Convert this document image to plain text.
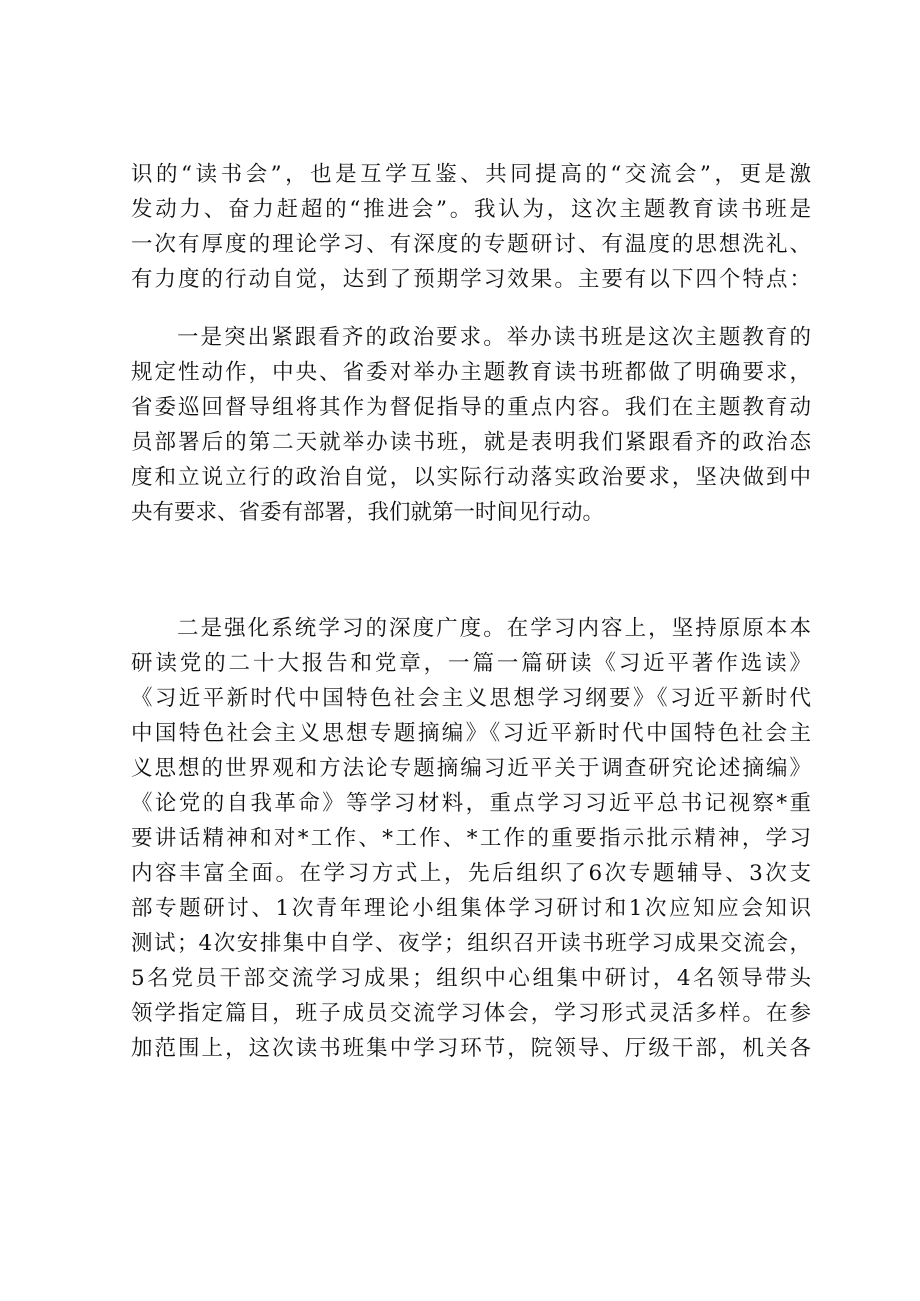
识的“读书会”，也是互学互鉴、共同提高的“交流会”，更是激
发动力、奋力赶超的“推进会”。我认为，这次主题教育读书班是
一次有厚度的理论学习、有深度的专题研讨、有温度的思想洗礼、
有力度的行动自觉，达到了预期学习效果。主要有以下四个特点：
一是突出紧跟看齐的政治要求。举办读书班是这次主题教育的
规定性动作，中央、省委对举办主题教育读书班都做了明确要求，
省委巡回督导组将其作为督促指导的重点内容。我们在主题教育动
员部署后的第二天就举办读书班，就是表明我们紧跟看齐的政治态
度和立说立行的政治自觉，以实际行动落实政治要求，坚决做到中
央有要求、省委有部署，我们就第一时间见行动。
二是强化系统学习的深度广度。在学习内容上，坚持原原本本
研读党的二十大报告和党章，一篇一篇研读《习近平著作选读》
《习近平新时代中国特色社会主义思想学习纲要》《习近平新时代
中国特色社会主义思想专题摘编》《习近平新时代中国特色社会主
义思想的世界观和方法论专题摘编习近平关于调查研究论述摘编》
《论党的自我革命》等学习材料，重点学习习近平总书记视察*重
要讲话精神和对*工作、*工作、*工作的重要指示批示精神，学习
内容丰富全面。在学习方式上，先后组织了6次专题辅导、3次支
部专题研讨、1次青年理论小组集体学习研讨和1次应知应会知识
测试；4次安排集中自学、夜学；组织召开读书班学习成果交流会，
5名党员干部交流学习成果；组织中心组集中研讨，4名领导带头
领学指定篇目，班子成员交流学习体会，学习形式灵活多样。在参
加范围上，这次读书班集中学习环节，院领导、厅级干部，机关各
